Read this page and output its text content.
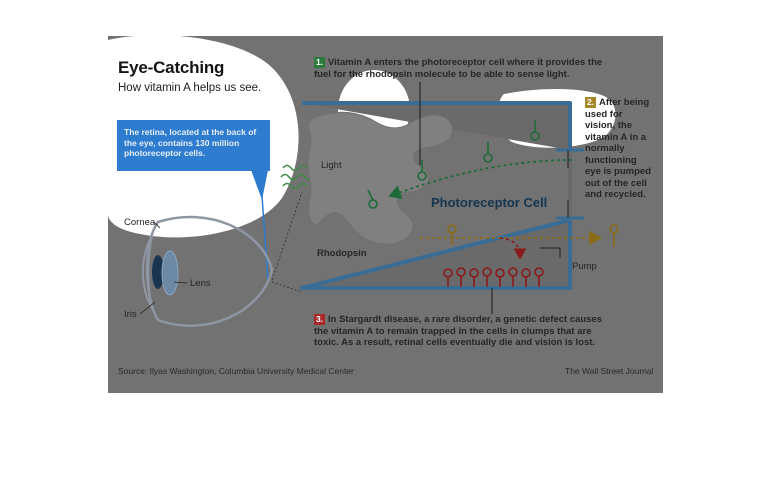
Eye-Catching
How vitamin A helps us see.
The retina, located at the back of the eye, contains 130 million photoreceptor cells.
1. Vitamin A enters the photoreceptor cell where it provides the fuel for the rhodopsin molecule to be able to sense light.
2. After being used for vision, the vitamin A in a normally functioning eye is pumped out of the cell and recycled.
3. In Stargardt disease, a rare disorder, a genetic defect causes the vitamin A to remain trapped in the cells in clumps that are toxic. As a result, retinal cells eventually die and vision is lost.
Light
Photoreceptor Cell
Rhodopsin
Pump
Cornea
Lens
Iris
Source: Ilyas Washington, Columbia University Medical Center	The Wall Street Journal
